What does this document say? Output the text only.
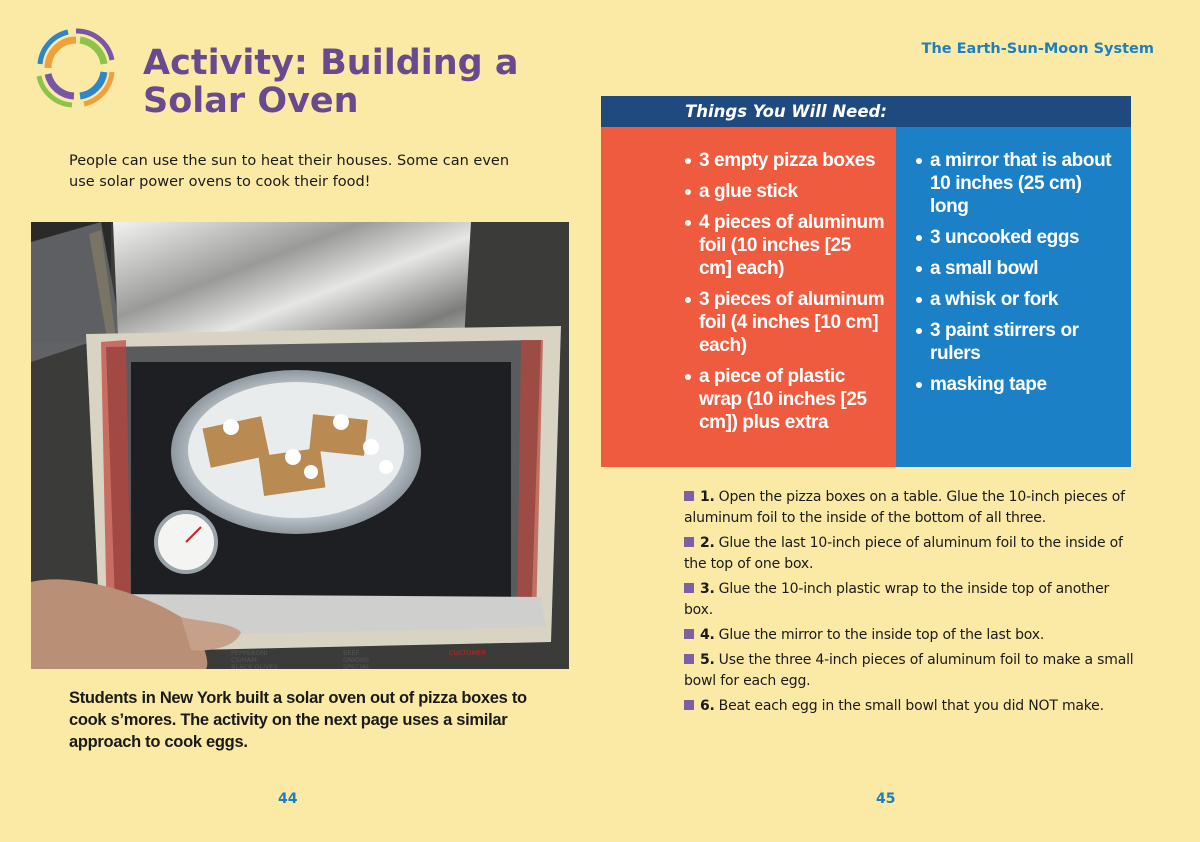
Activity: Building a
Solar Oven
The Earth-Sun-Moon System

People can use the sun to heat their houses. Some can even use solar power ovens to cook their food!

PEPPERONI
CS/HAM
BLACK OLIVES
BEEF
ONIONS
SPECIAL
CUSTOMER

Students in New York built a solar oven out of pizza boxes to cook s’mores. The activity on the next page uses a similar approach to cook eggs.

44	45
Things You Will Need:
3 empty pizza boxes
a glue stick
4 pieces of aluminum foil (10 inches [25 cm] each)
3 pieces of aluminum foil (4 inches [10 cm] each)
a piece of plastic wrap (10 inches [25 cm]) plus extra
a mirror that is about 10 inches (25 cm) long
3 uncooked eggs
a small bowl
a whisk or fork
3 paint stirrers or rulers
masking tape
1. Open the pizza boxes on a table. Glue the 10-inch pieces of aluminum foil to the inside of the bottom of all three.
2. Glue the last 10-inch piece of aluminum foil to the inside of the top of one box.
3. Glue the 10-inch plastic wrap to the inside top of another box.
4. Glue the mirror to the inside top of the last box.
5. Use the three 4-inch pieces of aluminum foil to make a small bowl for each egg.
6. Beat each egg in the small bowl that you did NOT make.
